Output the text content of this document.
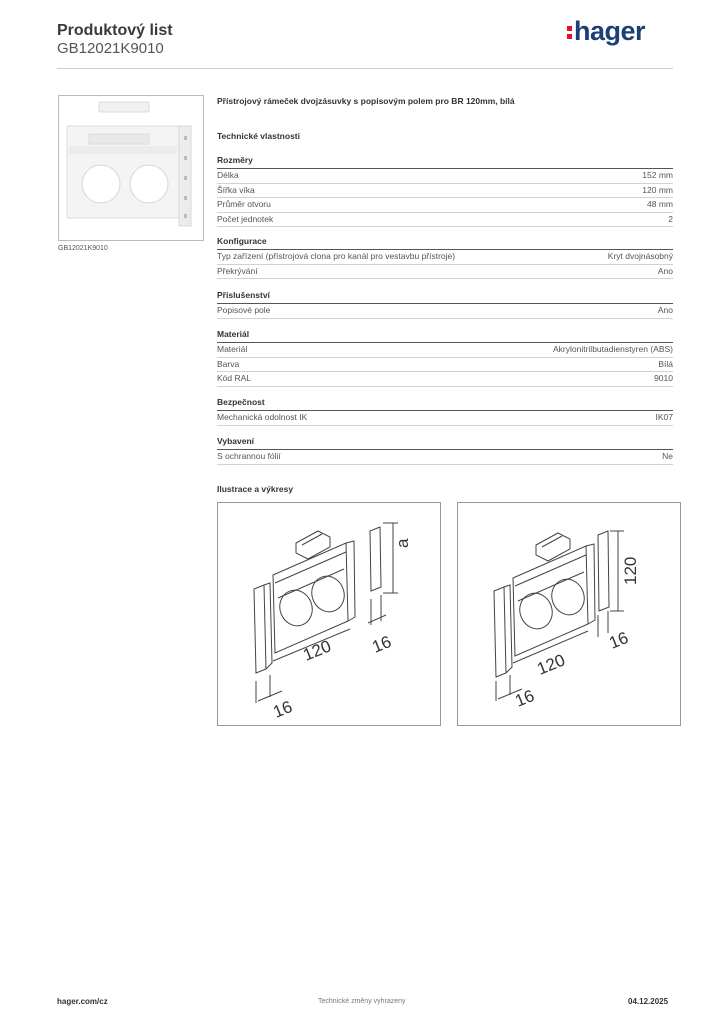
Produktový list
GB12021K9010
hager
GB12021K9010
Přístrojový rámeček dvojzásuvky s popisovým polem pro BR 120mm, bílá
Technické vlastnosti
Rozměry
Délka	152 mm
Šířka víka	120 mm
Průměr otvoru	48 mm
Počet jednotek	2
Konfigurace
Typ zařízení (přístrojová clona pro kanál pro vestavbu přístroje)	Kryt dvojnásobný
Překrývání	Ano
Příslušenství
Popisové pole	Ano
Materiál
Materiál	Akrylonitrilbutadienstyren (ABS)
Barva	Bílá
Kód RAL	9010
Bezpečnost
Mechanická odolnost IK	IK07
Vybavení
S ochrannou fólií	Ne
Ilustrace a výkresy
120 16
16
a
120
16
16
120
hager.com/cz	Technické změny vyhrazeny	04.12.2025
